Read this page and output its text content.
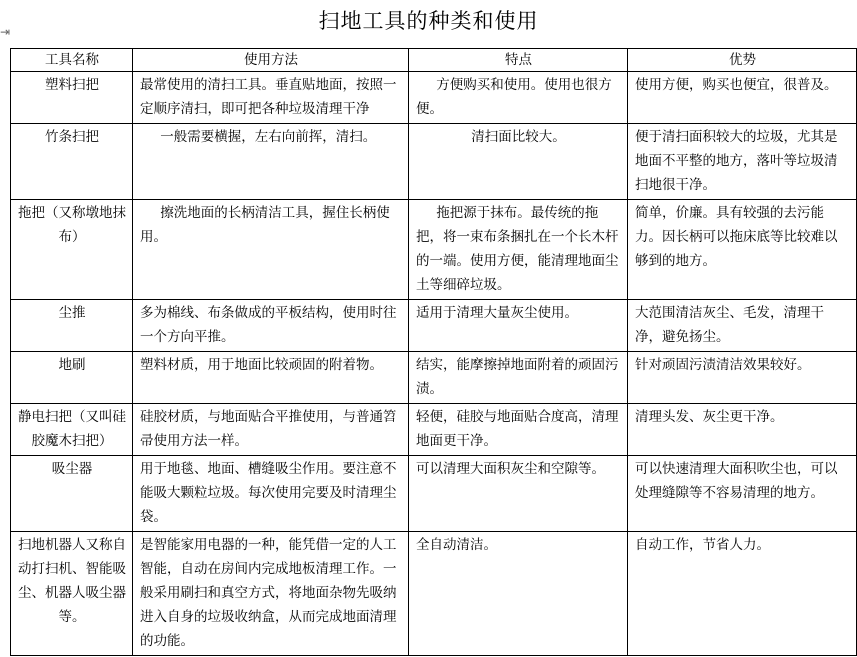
⇥	扫地工具的种类和使用
工具名称	使用方法	特点	优势
塑料扫把	最常使用的清扫工具。垂直贴地面，按照一定顺序清扫，即可把各种垃圾清理干净	方便购买和使用。使用也很方便。	使用方便，购买也便宜，很普及。
竹条扫把	一般需要横握，左右向前挥，清扫。	清扫面比较大。	便于清扫面积较大的垃圾，尤其是地面不平整的地方，落叶等垃圾清扫地很干净。
拖把（又称墩地抹布）	擦洗地面的长柄清洁工具，握住长柄使用。	拖把源于抹布。最传统的拖把，将一束布条捆扎在一个长木杆的一端。使用方便，能清理地面尘土等细碎垃圾。	简单，价廉。具有较强的去污能力。因长柄可以拖床底等比较难以够到的地方。
尘推	多为棉线、布条做成的平板结构，使用时往一个方向平推。	适用于清理大量灰尘使用。	大范围清洁灰尘、毛发，清理干净，避免扬尘。
地刷	塑料材质，用于地面比较顽固的附着物。	结实，能摩擦掉地面附着的顽固污渍。	针对顽固污渍清洁效果较好。
静电扫把（又叫硅胶魔木扫把）	硅胶材质，与地面贴合平推使用，与普通笤帚使用方法一样。	轻便，硅胶与地面贴合度高，清理地面更干净。	清理头发、灰尘更干净。
吸尘器	用于地毯、地面、槽缝吸尘作用。要注意不能吸大颗粒垃圾。每次使用完要及时清理尘袋。	可以清理大面积灰尘和空隙等。	可以快速清理大面积吹尘也，可以处理缝隙等不容易清理的地方。
扫地机器人又称自动打扫机、智能吸尘、机器人吸尘器等。	是智能家用电器的一种，能凭借一定的人工智能，自动在房间内完成地板清理工作。一般采用刷扫和真空方式，将地面杂物先吸纳进入自身的垃圾收纳盒，从而完成地面清理的功能。	全自动清洁。	自动工作，节省人力。
